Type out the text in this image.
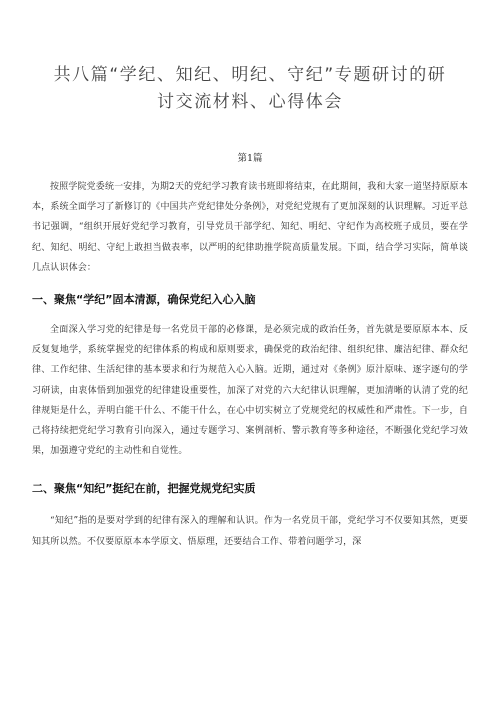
共八篇“学纪、知纪、明纪、守纪”专题研讨的研
讨交流材料、心得体会

第1篇

按照学院党委统一安排，为期2天的党纪学习教育读书班即将结束，在此期间，我和大家一道坚持原原本本，系统全面学习了新修订的《中国共产党纪律处分条例》，对党纪党规有了更加深刻的认识理解。习近平总书记强调，“组织开展好党纪学习教育，引导党员干部学纪、知纪、明纪、守纪作为高校班子成员，要在学纪、知纪、明纪、守纪上敢担当做表率，以严明的纪律助推学院高质量发展。下面，结合学习实际，简单谈几点认识体会：

一、聚焦“学纪”固本清源，确保党纪入心入脑

全面深入学习党的纪律是每一名党员干部的必修课，是必须完成的政治任务，首先就是要原原本本、反反复复地学，系统掌握党的纪律体系的构成和原则要求，确保党的政治纪律、组织纪律、廉洁纪律、群众纪律、工作纪律、生活纪律的基本要求和行为规范入心入脑。近期，通过对《条例》原汁原味、逐字逐句的学习研读，由衷体悟到加强党的纪律建设重要性，加深了对党的六大纪律认识理解，更加清晰的认清了党的纪律规矩是什么，弄明白能干什么、不能干什么，在心中切实树立了党规党纪的权威性和严肃性。下一步，自己将持续把党纪学习教育引向深入，通过专题学习、案例剖析、警示教育等多种途径，不断强化党纪学习效果，加强遵守党纪的主动性和自觉性。

二、聚焦“知纪”挺纪在前，把握党规党纪实质

“知纪”指的是要对学到的纪律有深入的理解和认识。作为一名党员干部，党纪学习不仅要知其然，更要知其所以然。不仅要原原本本学原文、悟原理，还要结合工作、带着问题学习，深
